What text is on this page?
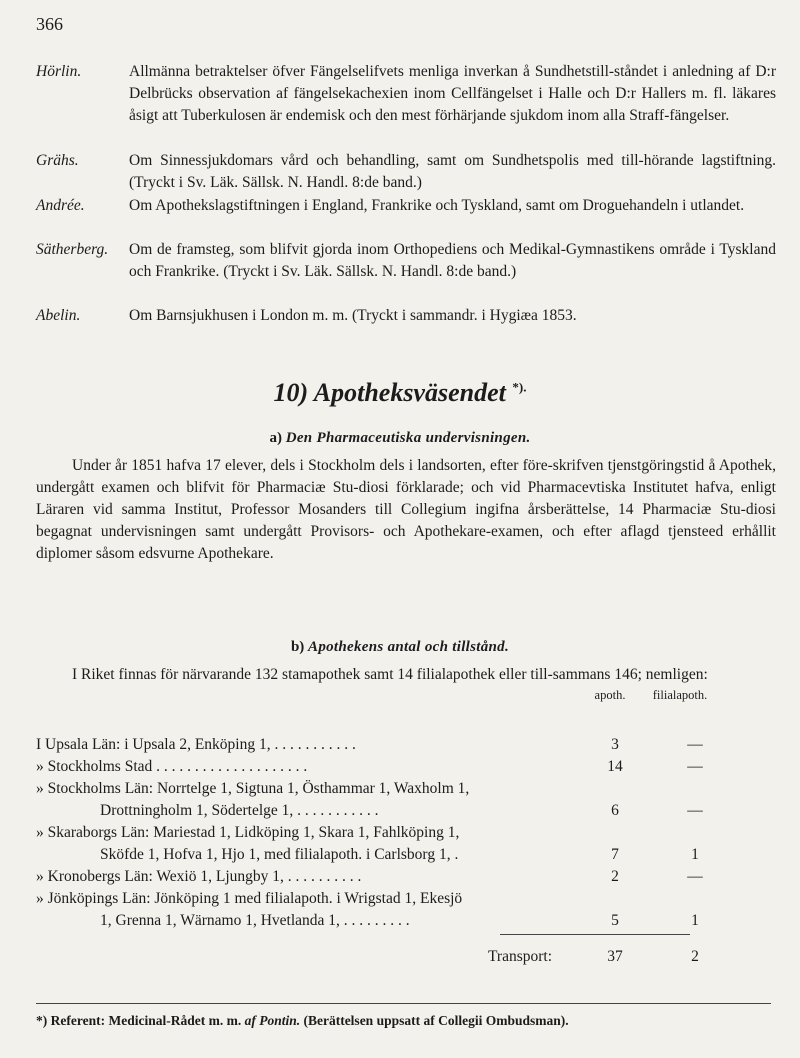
366
Hörlin.	Allmänna betraktelser öfver Fängelselifvets menliga inverkan å Sundhetstill-ståndet i anledning af D:r Delbrücks observation af fängelsekachexien inom Cellfängelset i Halle och D:r Hallers m. fl. läkares åsigt att Tuberkulosen är endemisk och den mest förhärjande sjukdom inom alla Straff-fängelser.
Grähs.	Om Sinnessjukdomars vård och behandling, samt om Sundhetspolis med till-hörande lagstiftning. (Tryckt i Sv. Läk. Sällsk. N. Handl. 8:de band.)
Andrée.	Om Apothekslagstiftningen i England, Frankrike och Tyskland, samt om Droguehandeln i utlandet.
Sätherberg. Om de framsteg, som blifvit gjorda inom Orthopediens och Medikal-Gymnastikens område i Tyskland och Frankrike. (Tryckt i Sv. Läk. Sällsk. N. Handl. 8:de band.)
Abelin.	Om Barnsjukhusen i London m. m. (Tryckt i sammandr. i Hygiæa 1853.
10) Apotheksväsendet *).
a) Den Pharmaceutiska undervisningen.
Under år 1851 hafva 17 elever, dels i Stockholm dels i landsorten, efter före-skrifven tjenstgöringstid å Apothek, undergått examen och blifvit för Pharmaciæ Stu-diosi förklarade; och vid Pharmacevtiska Institutet hafva, enligt Läraren vid samma Institut, Professor Mosanders till Collegium ingifna årsberättelse, 14 Pharmaciæ Stu-diosi begagnat undervisningen samt undergått Provisors- och Apothekare-examen, och efter aflagd tjensteed erhållit diplomer såsom edsvurne Apothekare.
b) Apothekens antal och tillstånd.
I Riket finnas för närvarande 132 stamapothek samt 14 filialapothek eller till-sammans 146; nemligen:
apoth.	filialapoth.
I Upsala Län: i Upsala 2, Enköping 1, . . . . . . . . . . .	3	—
» Stockholms Stad . . . . . . . . . . . . . . . . . . . .	14	—
» Stockholms Län: Norrtelge 1, Sigtuna 1, Östhammar 1, Waxholm 1,
Drottningholm 1, Södertelge 1, . . . . . . . . . . .	6	—
» Skaraborgs Län: Mariestad 1, Lidköping 1, Skara 1, Fahlköping 1,
Sköfde 1, Hofva 1, Hjo 1, med filialapoth. i Carlsborg 1, .	7	1
» Kronobergs Län: Wexiö 1, Ljungby 1, . . . . . . . . . .	2	—
» Jönköpings Län: Jönköping 1 med filialapoth. i Wrigstad 1, Ekesjö
1, Grenna 1, Wärnamo 1, Hvetlanda 1, . . . . . . . . .	5	1
Transport:	37	2
*) Referent: Medicinal-Rådet m. m. af Pontin. (Berättelsen uppsatt af Collegii Ombudsman).
